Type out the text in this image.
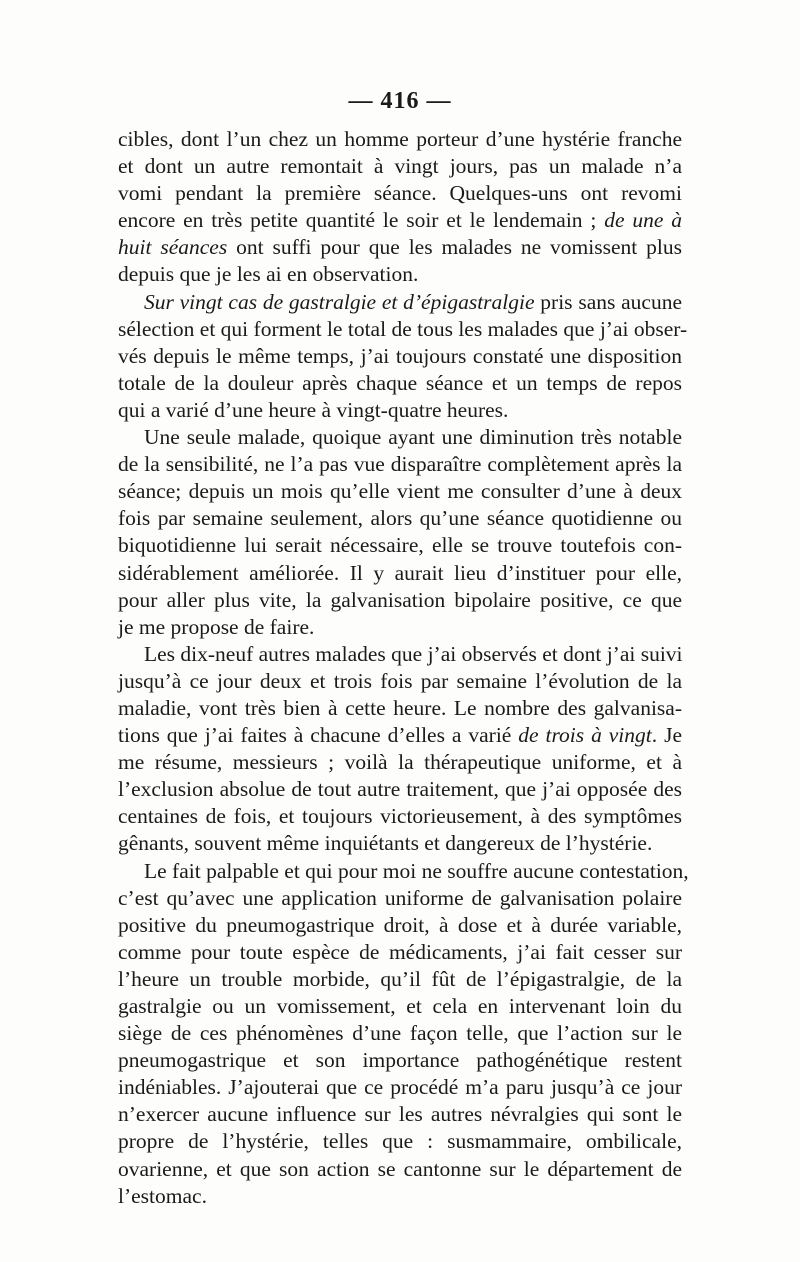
— 416 —
cibles, dont l’un chez un homme porteur d’une hystérie franche
et dont un autre remontait à vingt jours, pas un malade n’a
vomi pendant la première séance. Quelques-uns ont revomi
encore en très petite quantité le soir et le lendemain ; de une à
huit séances ont suffi pour que les malades ne vomissent plus
depuis que je les ai en observation.
Sur vingt cas de gastralgie et d’épigastralgie pris sans aucune
sélection et qui forment le total de tous les malades que j’ai obser-
vés depuis le même temps, j’ai toujours constaté une disposition
totale de la douleur après chaque séance et un temps de repos
qui a varié d’une heure à vingt-quatre heures.
Une seule malade, quoique ayant une diminution très notable
de la sensibilité, ne l’a pas vue disparaître complètement après la
séance; depuis un mois qu’elle vient me consulter d’une à deux
fois par semaine seulement, alors qu’une séance quotidienne ou
biquotidienne lui serait nécessaire, elle se trouve toutefois con-
sidérablement améliorée. Il y aurait lieu d’instituer pour elle,
pour aller plus vite, la galvanisation bipolaire positive, ce que
je me propose de faire.
Les dix-neuf autres malades que j’ai observés et dont j’ai suivi
jusqu’à ce jour deux et trois fois par semaine l’évolution de la
maladie, vont très bien à cette heure. Le nombre des galvanisa-
tions que j’ai faites à chacune d’elles a varié de trois à vingt. Je
me résume, messieurs ; voilà la thérapeutique uniforme, et à
l’exclusion absolue de tout autre traitement, que j’ai opposée des
centaines de fois, et toujours victorieusement, à des symptômes
gênants, souvent même inquiétants et dangereux de l’hystérie.
Le fait palpable et qui pour moi ne souffre aucune contestation,
c’est qu’avec une application uniforme de galvanisation polaire
positive du pneumogastrique droit, à dose et à durée variable,
comme pour toute espèce de médicaments, j’ai fait cesser sur
l’heure un trouble morbide, qu’il fût de l’épigastralgie, de la
gastralgie ou un vomissement, et cela en intervenant loin du
siège de ces phénomènes d’une façon telle, que l’action sur le
pneumogastrique et son importance pathogénétique restent
indéniables. J’ajouterai que ce procédé m’a paru jusqu’à ce jour
n’exercer aucune influence sur les autres névralgies qui sont le
propre de l’hystérie, telles que : susmammaire, ombilicale,
ovarienne, et que son action se cantonne sur le département de
l’estomac.
